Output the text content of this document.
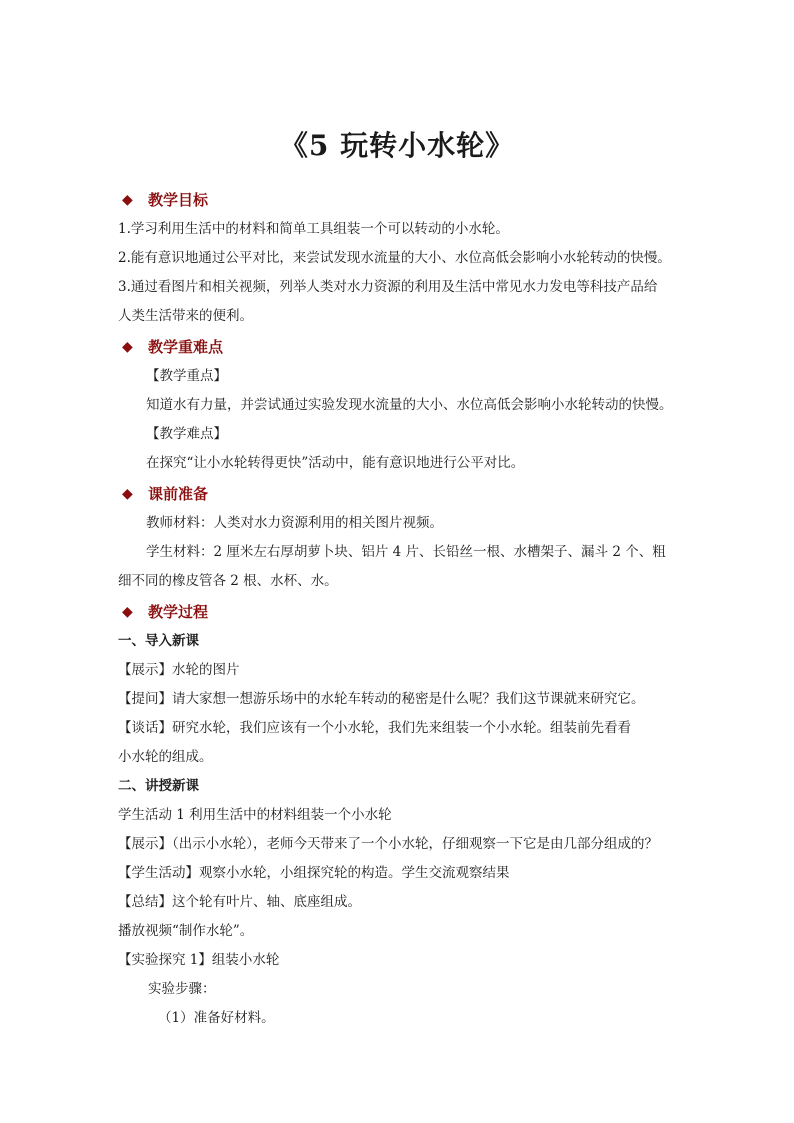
《5 玩转小水轮》
◆	教学目标

1.学习利用生活中的材料和简单工具组装一个可以转动的小水轮。

2.能有意识地通过公平对比，来尝试发现水流量的大小、水位高低会影响小水轮转动的快慢。

3.通过看图片和相关视频，列举人类对水力资源的利用及生活中常见水力发电等科技产品给

人类生活带来的便利。

◆	教学重难点

【教学重点】

知道水有力量，并尝试通过实验发现水流量的大小、水位高低会影响小水轮转动的快慢。

【教学难点】

在探究“让小水轮转得更快”活动中，能有意识地进行公平对比。

◆	课前准备

教师材料：人类对水力资源利用的相关图片视频。

学生材料：2 厘米左右厚胡萝卜块、铝片 4 片、长铅丝一根、水槽架子、漏斗 2 个、粗

细不同的橡皮管各 2 根、水杯、水。

◆	教学过程

一、导入新课

【展示】水轮的图片

【提问】请大家想一想游乐场中的水轮车转动的秘密是什么呢？我们这节课就来研究它。

【谈话】研究水轮，我们应该有一个小水轮，我们先来组装一个小水轮。组装前先看看

小水轮的组成。

二、讲授新课

学生活动 1 利用生活中的材料组装一个小水轮

【展示】（出示小水轮），老师今天带来了一个小水轮，仔细观察一下它是由几部分组成的？

【学生活动】观察小水轮，小组探究轮的构造。学生交流观察结果

【总结】这个轮有叶片、轴、底座组成。

播放视频“制作水轮”。

【实验探究 1】组装小水轮

实验步骤：

（1）准备好材料。
